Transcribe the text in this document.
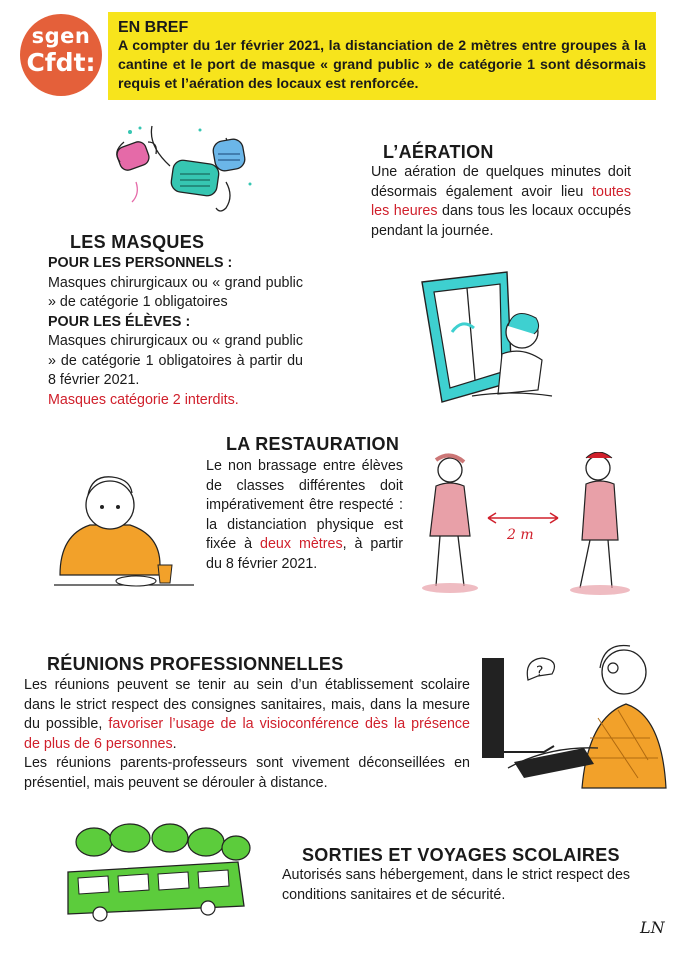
sgen
Cfdt:
EN BREF
A compter du 1er février 2021, la distanciation de 2 mètres entre groupes à la cantine et le port de masque « grand public » de catégorie 1 sont désormais requis et l’aération des locaux est renforcée.
L’AÉRATION
Une aération de quelques minutes doit désormais également avoir lieu toutes les heures dans tous les locaux occupés pendant la journée.
LES MASQUES
POUR LES PERSONNELS :
Masques chirurgicaux ou « grand public » de catégorie 1 obligatoires
POUR LES ÉLÈVES :
Masques chirurgicaux ou « grand public » de catégorie 1 obligatoires à partir du 8 février 2021.
Masques catégorie 2 interdits.
LA RESTAURATION
Le non brassage entre élèves de classes différentes doit impérativement être respecté : la distanciation physique est fixée à deux mètres, à partir du 8 février 2021.
2 m
RÉUNIONS PROFESSIONNELLES
Les réunions peuvent se tenir au sein d’un établissement scolaire dans le strict respect des consignes sanitaires, mais, dans la mesure du possible, favoriser l’usage de la visioconférence dès la présence de plus de 6 personnes.
Les réunions parents-professeurs sont vivement déconseillées en présentiel, mais peuvent se dérouler à distance.
?
SORTIES ET VOYAGES SCOLAIRES
Autorisés sans hébergement, dans le strict respect des conditions sanitaires et de sécurité.
LN
